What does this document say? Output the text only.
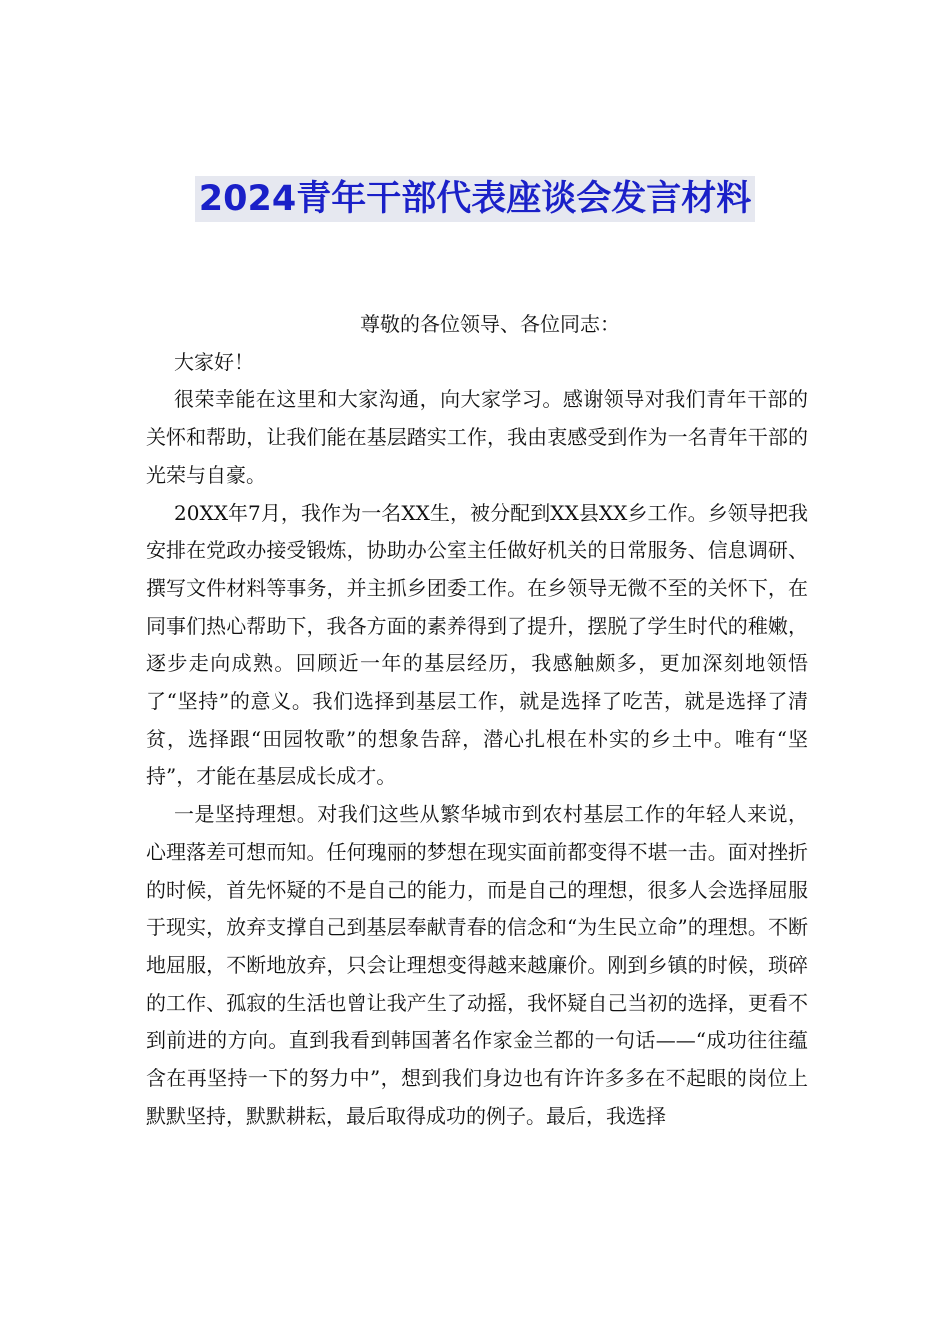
2024青年干部代表座谈会发言材料

尊敬的各位领导、各位同志：

大家好！

很荣幸能在这里和大家沟通，向大家学习。感谢领导对我们青年干部的关怀和帮助，让我们能在基层踏实工作，我由衷感受到作为一名青年干部的光荣与自豪。

20XX年7月，我作为一名XX生，被分配到XX县XX乡工作。乡领导把我安排在党政办接受锻炼，协助办公室主任做好机关的日常服务、信息调研、撰写文件材料等事务，并主抓乡团委工作。在乡领导无微不至的关怀下，在同事们热心帮助下，我各方面的素养得到了提升，摆脱了学生时代的稚嫩，逐步走向成熟。回顾近一年的基层经历，我感触颇多，更加深刻地领悟了“坚持”的意义。我们选择到基层工作，就是选择了吃苦，就是选择了清贫，选择跟“田园牧歌”的想象告辞，潜心扎根在朴实的乡土中。唯有“坚持”，才能在基层成长成才。

一是坚持理想。对我们这些从繁华城市到农村基层工作的年轻人来说，心理落差可想而知。任何瑰丽的梦想在现实面前都变得不堪一击。面对挫折的时候，首先怀疑的不是自己的能力，而是自己的理想，很多人会选择屈服于现实，放弃支撑自己到基层奉献青春的信念和“为生民立命”的理想。不断地屈服，不断地放弃，只会让理想变得越来越廉价。刚到乡镇的时候，琐碎的工作、孤寂的生活也曾让我产生了动摇，我怀疑自己当初的选择，更看不到前进的方向。直到我看到韩国著名作家金兰都的一句话——“成功往往蕴含在再坚持一下的努力中”，想到我们身边也有许许多多在不起眼的岗位上默默坚持，默默耕耘，最后取得成功的例子。最后，我选择
